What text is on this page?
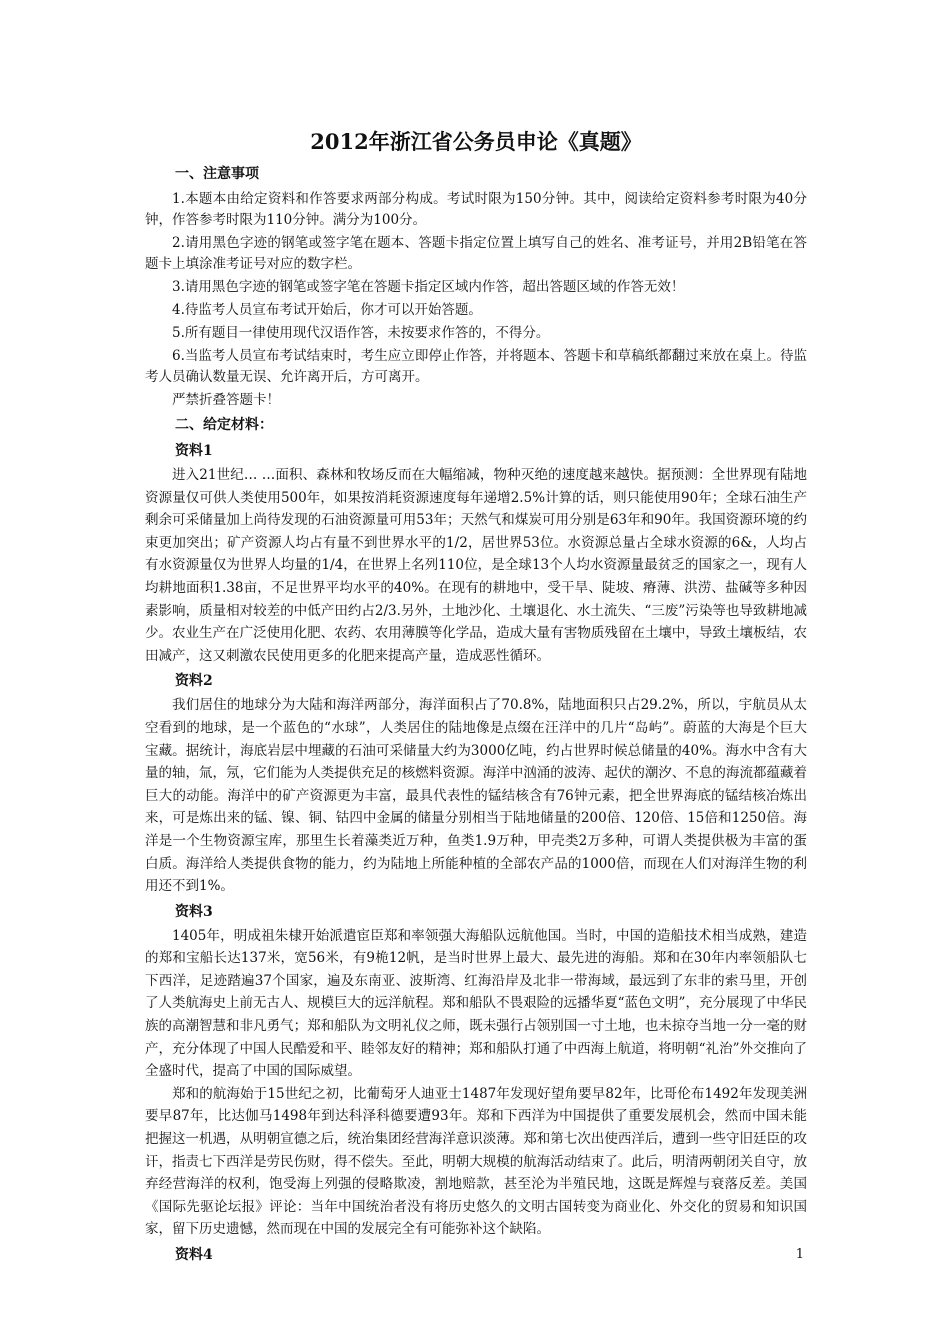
2012年浙江省公务员申论《真题》
一、注意事项

1.本题本由给定资料和作答要求两部分构成。考试时限为150分钟。其中，阅读给定资料参考时限为40分钟，作答参考时限为110分钟。满分为100分。

2.请用黑色字迹的钢笔或签字笔在题本、答题卡指定位置上填写自己的姓名、准考证号，并用2B铅笔在答题卡上填涂准考证号对应的数字栏。

3.请用黑色字迹的钢笔或签字笔在答题卡指定区域内作答，超出答题区域的作答无效！

4.待监考人员宣布考试开始后，你才可以开始答题。

5.所有题目一律使用现代汉语作答，未按要求作答的，不得分。

6.当监考人员宣布考试结束时，考生应立即停止作答，并将题本、答题卡和草稿纸都翻过来放在桌上。待监考人员确认数量无误、允许离开后，方可离开。

严禁折叠答题卡！

二、给定材料：
资料1

进入21世纪… …面积、森林和牧场反而在大幅缩减，物种灭绝的速度越来越快。据预测：全世界现有陆地资源量仅可供人类使用500年，如果按消耗资源速度每年递增2.5%计算的话，则只能使用90年；全球石油生产剩余可采储量加上尚待发现的石油资源量可用53年；天然气和煤炭可用分别是63年和90年。我国资源环境的约束更加突出；矿产资源人均占有量不到世界水平的1/2，居世界53位。水资源总量占全球水资源的6&，人均占有水资源量仅为世界人均量的1/4，在世界上名列110位，是全球13个人均水资源量最贫乏的国家之一，现有人均耕地面积1.38亩，不足世界平均水平的40%。在现有的耕地中，受干旱、陡坡、瘠薄、洪涝、盐碱等多种因素影响，质量相对较差的中低产田约占2/3.另外，土地沙化、土壤退化、水土流失、“三废”污染等也导致耕地减少。农业生产在广泛使用化肥、农药、农用薄膜等化学品，造成大量有害物质残留在土壤中，导致土壤板结，农田减产，这又刺激农民使用更多的化肥来提高产量，造成恶性循环。

资料2

我们居住的地球分为大陆和海洋两部分，海洋面积占了70.8%，陆地面积只占29.2%，所以，宇航员从太空看到的地球，是一个蓝色的“水球”，人类居住的陆地像是点缀在汪洋中的几片“岛屿”。蔚蓝的大海是个巨大宝藏。据统计，海底岩层中埋藏的石油可采储量大约为3000亿吨，约占世界时候总储量的40%。海水中含有大量的轴，氚，氖，它们能为人类提供充足的核燃料资源。海洋中汹涌的波涛、起伏的潮汐、不息的海流都蕴藏着巨大的动能。海洋中的矿产资源更为丰富，最具代表性的锰结核含有76钟元素，把全世界海底的锰结核冶炼出来，可是炼出来的锰、镍、铜、钴四中金属的储量分别相当于陆地储量的200倍、120倍、15倍和1250倍。海洋是一个生物资源宝库，那里生长着藻类近万种，鱼类1.9万种，甲壳类2万多种，可谓人类提供极为丰富的蛋白质。海洋给人类提供食物的能力，约为陆地上所能种植的全部农产品的1000倍，而现在人们对海洋生物的利用还不到1%。

资料3

1405年，明成祖朱棣开始派遣宦臣郑和率领强大海船队远航他国。当时，中国的造船技术相当成熟，建造的郑和宝船长达137米，宽56米，有9桅12帆，是当时世界上最大、最先进的海船。郑和在30年内率领船队七下西洋，足迹踏遍37个国家，遍及东南亚、波斯湾、红海沿岸及北非一带海域，最远到了东非的索马里，开创了人类航海史上前无古人、规模巨大的远洋航程。郑和船队不畏艰险的远播华夏“蓝色文明”，充分展现了中华民族的高潮智慧和非凡勇气；郑和船队为文明礼仪之师，既未强行占领别国一寸土地，也未掠夺当地一分一毫的财产，充分体现了中国人民酷爱和平、睦邻友好的精神；郑和船队打通了中西海上航道，将明朝“礼治”外交推向了全盛时代，提高了中国的国际威望。

郑和的航海始于15世纪之初，比葡萄牙人迪亚士1487年发现好望角要早82年，比哥伦布1492年发现美洲要早87年，比达伽马1498年到达科泽科德要遭93年。郑和下西洋为中国提供了重要发展机会，然而中国未能把握这一机遇，从明朝宣德之后，统治集团经营海洋意识淡薄。郑和第七次出使西洋后，遭到一些守旧廷臣的攻讦，指责七下西洋是劳民伤财，得不偿失。至此，明朝大规模的航海活动结束了。此后，明清两朝闭关自守，放弃经营海洋的权利，饱受海上列强的侵略欺凌，割地赔款，甚至沦为半殖民地，这既是辉煌与衰落反差。美国《国际先驱论坛报》评论：当年中国统治者没有将历史悠久的文明古国转变为商业化、外交化的贸易和知识国家，留下历史遗憾，然而现在中国的发展完全有可能弥补这个缺陷。

资料4	1
